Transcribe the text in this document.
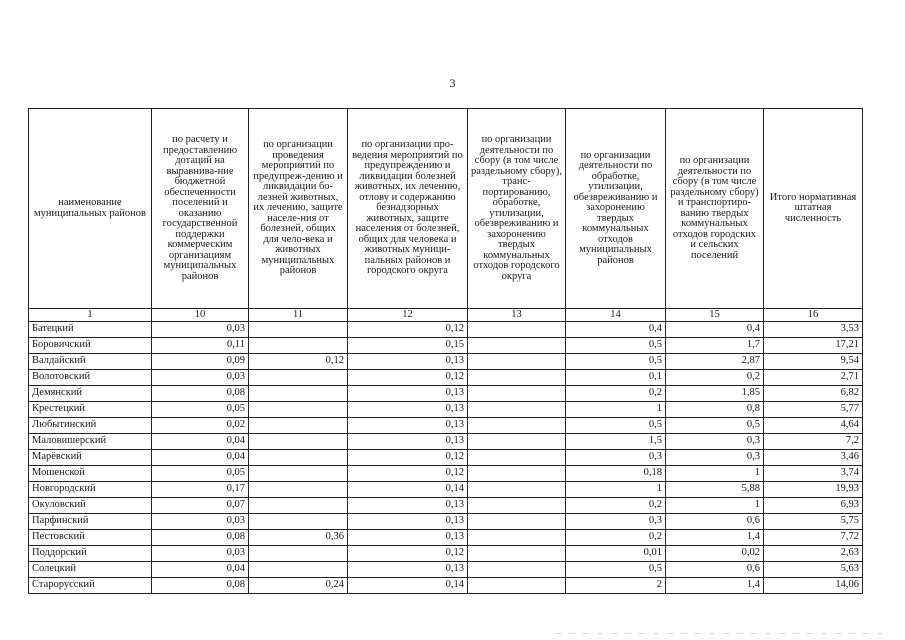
3
наименование муниципальных районов	по расчету и предоставлению дотаций на выравнива-ние бюджетной обеспеченности поселений и оказанию государственной поддержки коммерческим организациям муниципальных районов	по организации проведения мероприятий по предупреж-дению и ликвидации бо-лезней животных, их лечению, защите населе-ния от болезней, общих для чело-века и животных муниципальных районов	по организации про-ведения мероприятий по предупреждению и ликвидации болезней животных, их лечению, отлову и содержанию безнадзорных животных, защите населения от болезней, общих для человека и животных муници-пальных районов и городского округа	по организации деятельности по сбору (в том числе раздельному сбору), транс-портированию, обработке, утилизации, обезвреживанию и захоронению твердых коммунальных отходов городского округа	по организации деятельности по обработке, утилизации, обезвреживанию и захоронению твердых коммунальных отходов муниципальных районов	по организации деятельности по сбору (в том числе раздельному сбору) и транспортиро-ванию твердых коммунальных отходов городских и сельских поселений	Итого нормативная штатная численность
1	10	11	12	13	14	15	16
Батецкий	0,03		0,12		0,4	0,4	3,53
Боровичский	0,11		0,15		0,5	1,7	17,21
Валдайский	0,09	0,12	0,13		0,5	2,87	9,54
Волотовский	0,03		0,12		0,1	0,2	2,71
Демянский	0,08		0,13		0,2	1,85	6,82
Крестецкий	0,05		0,13		1	0,8	5,77
Любытинский	0,02		0,13		0,5	0,5	4,64
Маловишерский	0,04		0,13		1,5	0,3	7,2
Марёвский	0,04		0,12		0,3	0,3	3,46
Мошенской	0,05		0,12		0,18	1	3,74
Новгородский	0,17		0,14		1	5,88	19,93
Окуловский	0,07		0,13		0,2	1	6,93
Парфинский	0,03		0,13		0,3	0,6	5,75
Пестовский	0,08	0,36	0,13		0,2	1,4	7,72
Поддорский	0,03		0,12		0,01	0,02	2,63
Солецкий	0,04		0,13		0,5	0,6	5,63
Старорусский	0,08	0,24	0,14		2	1,4	14,06
